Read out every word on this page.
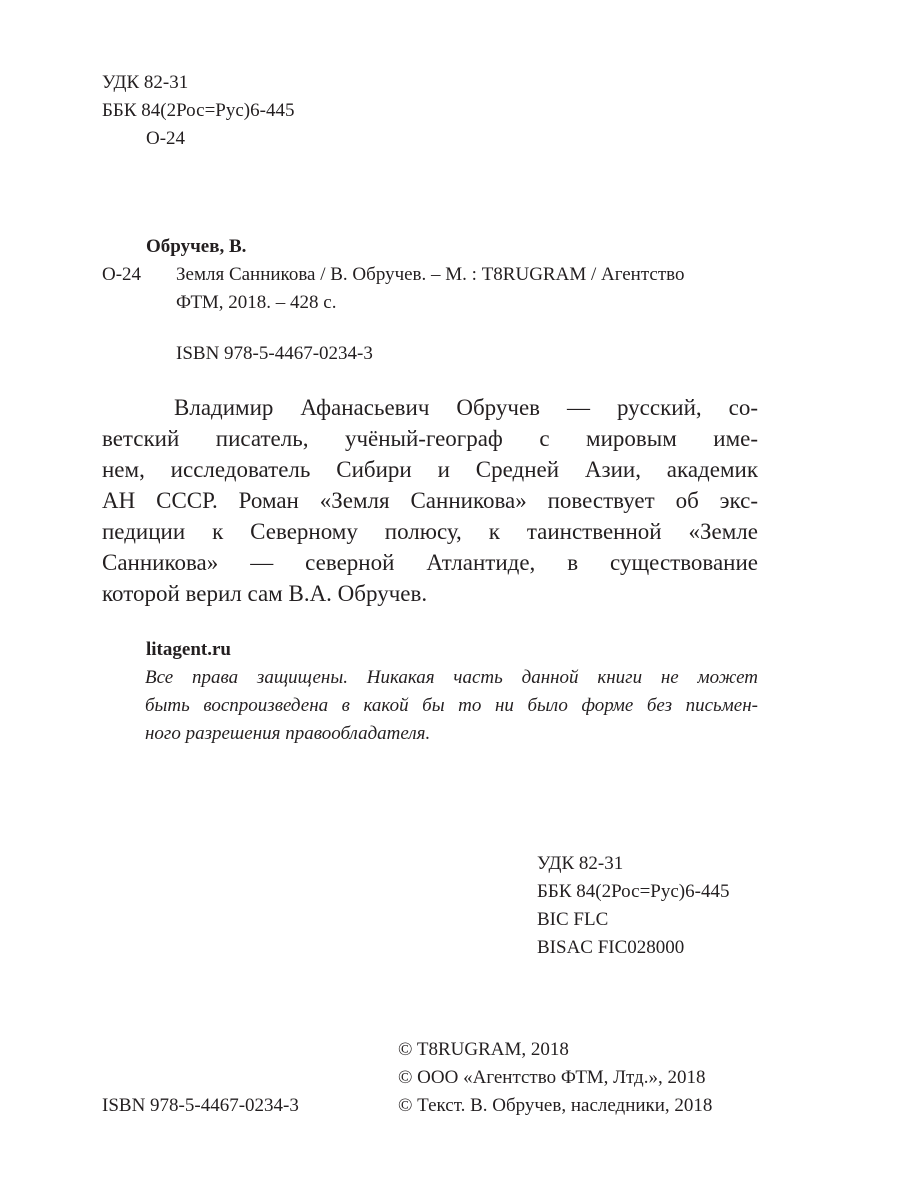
УДК 82-31
ББК 84(2Рос=Рус)6-445
О-24
Обручев, В.
О-24 Земля Санникова / В. Обручев. – М. : T8RUGRAM / Агентство
ФТМ, 2018. – 428 с.
ISBN 978-5-4467-0234-3
Владимир Афанасьевич Обручев — русский, со-
ветский писатель, учёный-географ с мировым име-
нем, исследователь Сибири и Средней Азии, академик
АН СССР. Роман «Земля Санникова» повествует об экс-
педиции к Северному полюсу, к таинственной «Земле
Санникова» — северной Атлантиде, в существование
которой верил сам В.А. Обручев.
litagent.ru
Все права защищены. Никакая часть данной книги не может
быть воспроизведена в какой бы то ни было форме без письмен-
ного разрешения правообладателя.
УДК 82-31
ББК 84(2Рос=Рус)6-445
BIC FLC
BISAC FIC028000
© T8RUGRAM, 2018
© ООО «Агентство ФТМ, Лтд.», 2018
© Текст. В. Обручев, наследники, 2018
ISBN 978-5-4467-0234-3
